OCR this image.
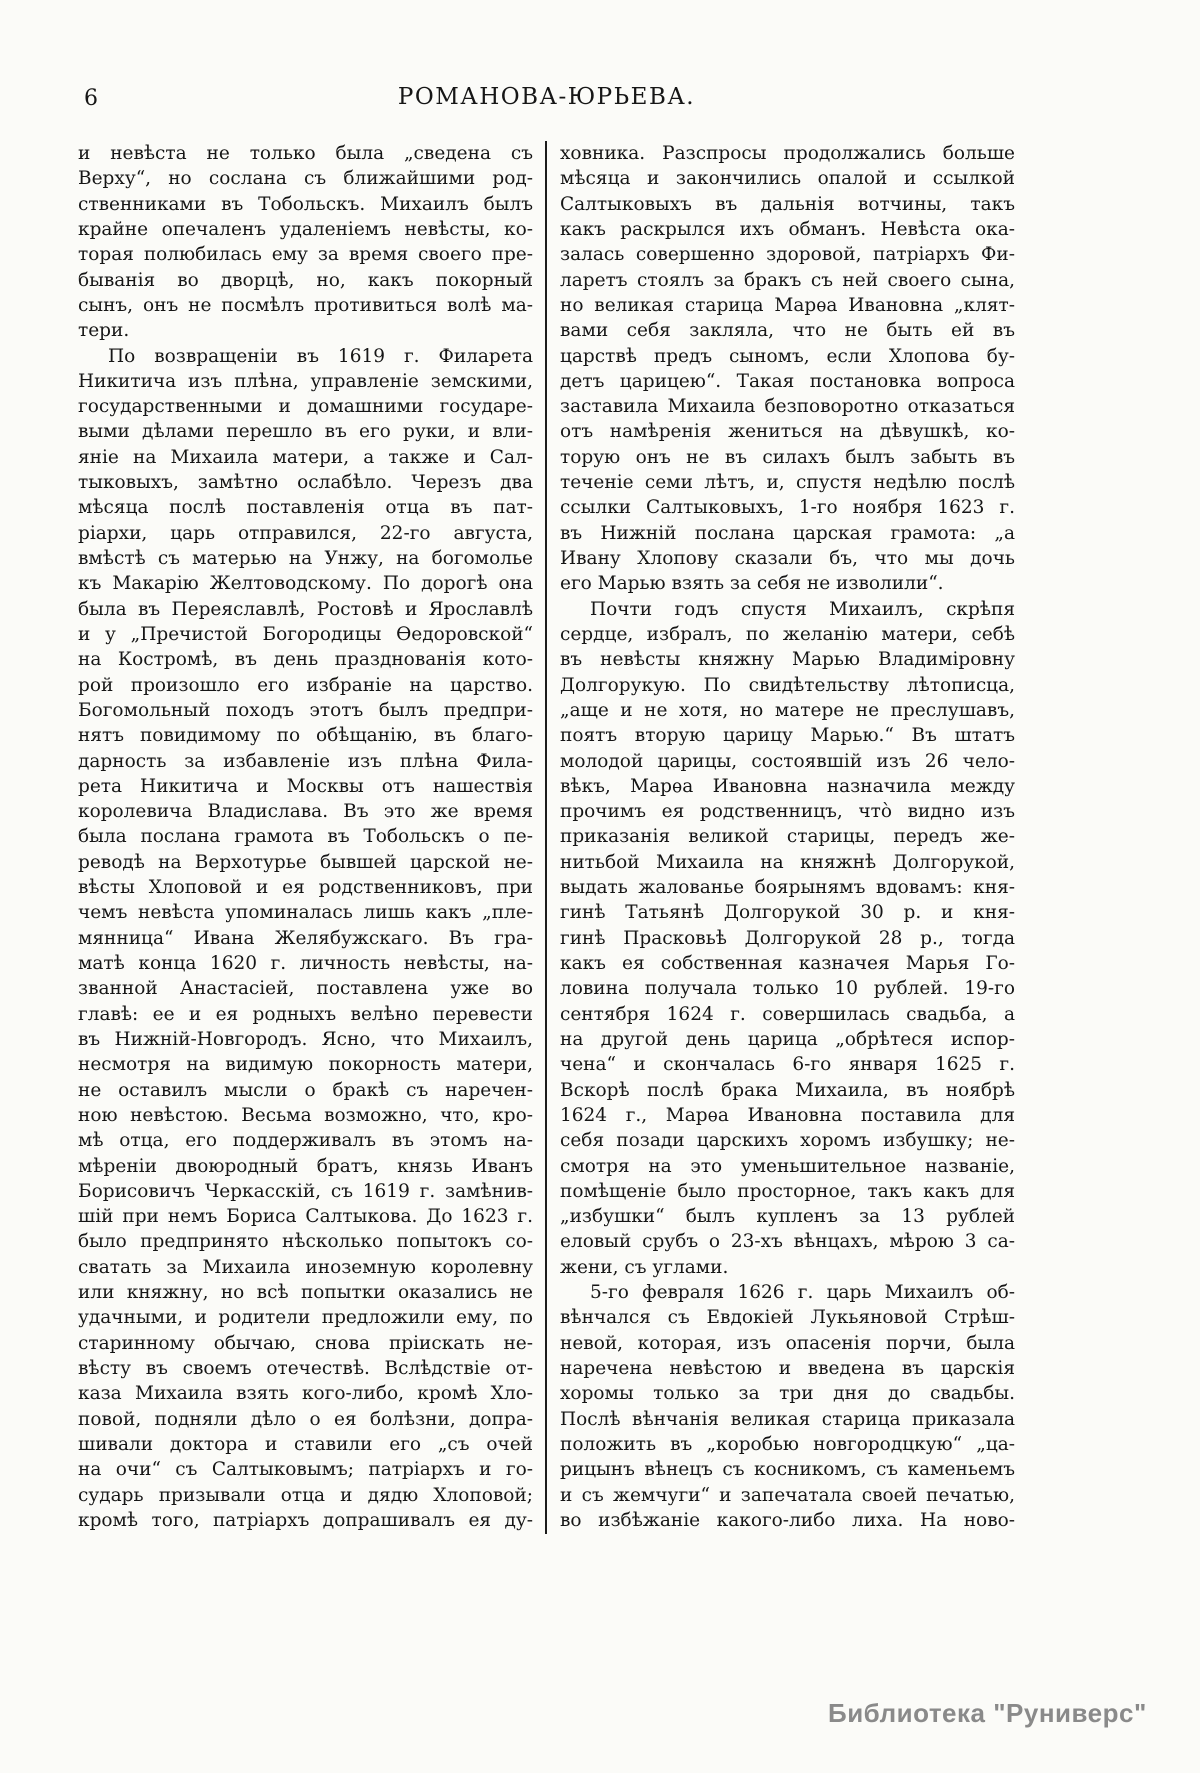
6	РОМАНОВА-ЮРЬЕВА.
и невѣста не только была „сведена съ
Верху“, но сослана съ ближайшими род-
ственниками въ Тобольскъ. Михаилъ былъ
крайне опечаленъ удаленіемъ невѣсты, ко-
торая полюбилась ему за время своего пре-
быванія во дворцѣ, но, какъ покорный
сынъ, онъ не посмѣлъ противиться волѣ ма-
тери.
По возвращеніи въ 1619 г. Филарета
Никитича изъ плѣна, управленіе земскими,
государственными и домашними государе-
выми дѣлами перешло въ его руки, и вли-
яніе на Михаила матери, а также и Сал-
тыковыхъ, замѣтно ослабѣло. Черезъ два
мѣсяца послѣ поставленія отца въ пат-
ріархи, царь отправился, 22-го августа,
вмѣстѣ съ матерью на Унжу, на богомолье
къ Макарію Желтоводскому. По дорогѣ она
была въ Переяславлѣ, Ростовѣ и Ярославлѣ
и у „Пречистой Богородицы Ѳедоровской“
на Костромѣ, въ день празднованія кото-
рой произошло его избраніе на царство.
Богомольный походъ этотъ былъ предпри-
нятъ повидимому по обѣщанію, въ благо-
дарность за избавленіе изъ плѣна Фила-
рета Никитича и Москвы отъ нашествія
королевича Владислава. Въ это же время
была послана грамота въ Тобольскъ о пе-
реводѣ на Верхотурье бывшей царской не-
вѣсты Хлоповой и ея родственниковъ, при
чемъ невѣста упоминалась лишь какъ „пле-
мянница“ Ивана Желябужскаго. Въ гра-
матѣ конца 1620 г. личность невѣсты, на-
званной Анастасіей, поставлена уже во
главѣ: ее и ея родныхъ велѣно перевести
въ Нижній-Новгородъ. Ясно, что Михаилъ,
несмотря на видимую покорность матери,
не оставилъ мысли о бракѣ съ наречен-
ною невѣстою. Весьма возможно, что, кро-
мѣ отца, его поддерживалъ въ этомъ на-
мѣреніи двоюродный братъ, князь Иванъ
Борисовичъ Черкасскій, съ 1619 г. замѣнив-
шій при немъ Бориса Салтыкова. До 1623 г.
было предпринято нѣсколько попытокъ со-
сватать за Михаила иноземную королевну
или княжну, но всѣ попытки оказались не
удачными, и родители предложили ему, по
старинному обычаю, снова пріискать не-
вѣсту въ своемъ отечествѣ. Вслѣдствіе от-
каза Михаила взять кого-либо, кромѣ Хло-
повой, подняли дѣло о ея болѣзни, допра-
шивали доктора и ставили его „съ очей
на очи“ съ Салтыковымъ; патріархъ и го-
сударь призывали отца и дядю Хлоповой;
кромѣ того, патріархъ допрашивалъ ея ду-
ховника. Разспросы продолжались больше
мѣсяца и закончились опалой и ссылкой
Салтыковыхъ въ дальнія вотчины, такъ
какъ раскрылся ихъ обманъ. Невѣста ока-
залась совершенно здоровой, патріархъ Фи-
ларетъ стоялъ за бракъ съ ней своего сына,
но великая старица Марѳа Ивановна „клят-
вами себя закляла, что не быть ей въ
царствѣ предъ сыномъ, если Хлопова бу-
детъ царицею“. Такая постановка вопроса
заставила Михаила безповоротно отказаться
отъ намѣренія жениться на дѣвушкѣ, ко-
торую онъ не въ силахъ былъ забыть въ
теченіе семи лѣтъ, и, спустя недѣлю послѣ
ссылки Салтыковыхъ, 1-го ноября 1623 г.
въ Нижній послана царская грамота: „а
Ивану Хлопову сказали бъ, что мы дочь
его Марью взять за себя не изволили“.
Почти годъ спустя Михаилъ, скрѣпя
сердце, избралъ, по желанію матери, себѣ
въ невѣсты княжну Марью Владиміровну
Долгорукую. По свидѣтельству лѣтописца,
„аще и не хотя, но матере не преслушавъ,
поятъ вторую царицу Марью.“ Въ штатъ
молодой царицы, состоявшій изъ 26 чело-
вѣкъ, Марѳа Ивановна назначила между
прочимъ ея родственницъ, чтò видно изъ
приказанія великой старицы, передъ же-
нитьбой Михаила на княжнѣ Долгорукой,
выдать жалованье боярынямъ вдовамъ: кня-
гинѣ Татьянѣ Долгорукой 30 р. и кня-
гинѣ Прасковьѣ Долгорукой 28 р., тогда
какъ ея собственная казначея Марья Го-
ловина получала только 10 рублей. 19-го
сентября 1624 г. совершилась свадьба, а
на другой день царица „обрѣтеся испор-
чена“ и скончалась 6-го января 1625 г.
Вскорѣ послѣ брака Михаила, въ ноябрѣ
1624 г., Марѳа Ивановна поставила для
себя позади царскихъ хоромъ избушку; не-
смотря на это уменьшительное названіе,
помѣщеніе было просторное, такъ какъ для
„избушки“ былъ купленъ за 13 рублей
еловый срубъ о 23-хъ вѣнцахъ, мѣрою 3 са-
жени, съ углами.
5-го февраля 1626 г. царь Михаилъ об-
вѣнчался съ Евдокіей Лукьяновой Стрѣш-
невой, которая, изъ опасенія порчи, была
наречена невѣстою и введена въ царскія
хоромы только за три дня до свадьбы.
Послѣ вѣнчанія великая старица приказала
положить въ „коробью новгородцкую“ „ца-
рицынъ вѣнецъ съ косникомъ, съ каменьемъ
и съ жемчуги“ и запечатала своей печатью,
во избѣжаніе какого-либо лиха. На ново-
Библиотека "Руниверс"
